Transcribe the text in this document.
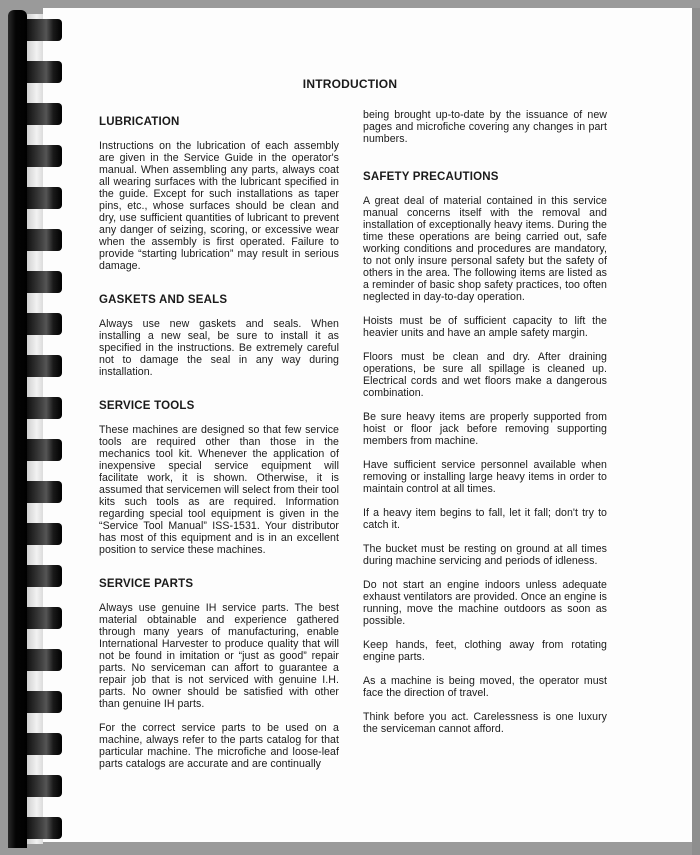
INTRODUCTION
LUBRICATION

Instructions on the lubrication of each assembly are given in the Service Guide in the operator's manual. When assembling any parts, always coat all wearing surfaces with the lubricant specified in the guide. Except for such installations as taper pins, etc., whose surfaces should be clean and dry, use sufficient quantities of lubricant to prevent any danger of seizing, scoring, or excessive wear when the assembly is first operated. Failure to provide “starting lubrication” may result in serious damage.

GASKETS AND SEALS

Always use new gaskets and seals. When installing a new seal, be sure to install it as specified in the instructions. Be extremely careful not to damage the seal in any way during installation.

SERVICE TOOLS

These machines are designed so that few service tools are required other than those in the mechanics tool kit. Whenever the application of inexpensive special service equipment will facilitate work, it is shown. Otherwise, it is assumed that servicemen will select from their tool kits such tools as are required. Information regarding special tool equipment is given in the “Service Tool Manual” ISS-1531. Your distributor has most of this equipment and is in an excellent position to service these machines.

SERVICE PARTS

Always use genuine IH service parts. The best material obtainable and experience gathered through many years of manufacturing, enable International Harvester to produce quality that will not be found in imitation or “just as good” repair parts. No serviceman can affort to guarantee a repair job that is not serviced with genuine I.H. parts. No owner should be satisfied with other than genuine IH parts.

For the correct service parts to be used on a machine, always refer to the parts catalog for that particular machine. The microfiche and loose-leaf parts catalogs are accurate and are continually

being brought up-to-date by the issuance of new pages and microfiche covering any changes in part numbers.

SAFETY PRECAUTIONS

A great deal of material contained in this service manual concerns itself with the removal and installation of exceptionally heavy items. During the time these operations are being carried out, safe working conditions and procedures are mandatory, to not only insure personal safety but the safety of others in the area. The following items are listed as a reminder of basic shop safety practices, too often neglected in day-to-day operation.

Hoists must be of sufficient capacity to lift the heavier units and have an ample safety margin.

Floors must be clean and dry. After draining operations, be sure all spillage is cleaned up. Electrical cords and wet floors make a dangerous combination.

Be sure heavy items are properly supported from hoist or floor jack before removing supporting members from machine.

Have sufficient service personnel available when removing or installing large heavy items in order to maintain control at all times.

If a heavy item begins to fall, let it fall; don't try to catch it.

The bucket must be resting on ground at all times during machine servicing and periods of idleness.

Do not start an engine indoors unless adequate exhaust ventilators are provided. Once an engine is running, move the machine outdoors as soon as possible.

Keep hands, feet, clothing away from rotating engine parts.

As a machine is being moved, the operator must face the direction of travel.

Think before you act. Carelessness is one luxury the serviceman cannot afford.
